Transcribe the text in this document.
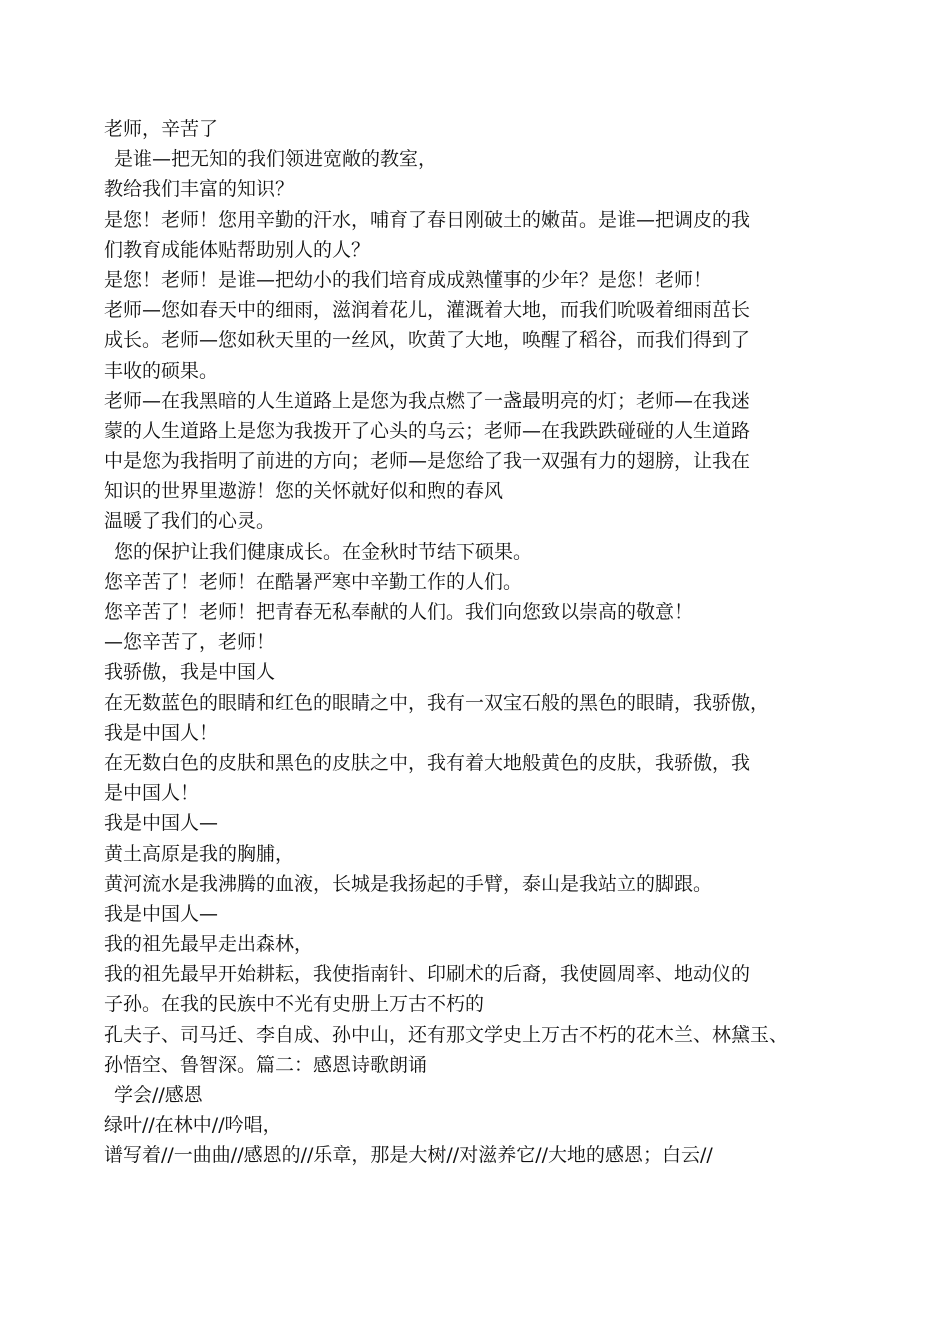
老师，辛苦了
是谁—把无知的我们领进宽敞的教室，
教给我们丰富的知识？
是您！老师！您用辛勤的汗水，哺育了春日刚破土的嫩苗。是谁—把调皮的我
们教育成能体贴帮助别人的人？
是您！老师！是谁—把幼小的我们培育成成熟懂事的少年？是您！老师！
老师—您如春天中的细雨，滋润着花儿，灌溉着大地，而我们吮吸着细雨茁长
成长。老师—您如秋天里的一丝风，吹黄了大地，唤醒了稻谷，而我们得到了
丰收的硕果。
老师—在我黑暗的人生道路上是您为我点燃了一盏最明亮的灯；老师—在我迷
蒙的人生道路上是您为我拨开了心头的乌云；老师—在我跌跌碰碰的人生道路
中是您为我指明了前进的方向；老师—是您给了我一双强有力的翅膀，让我在
知识的世界里遨游！您的关怀就好似和煦的春风
温暖了我们的心灵。
您的保护让我们健康成长。在金秋时节结下硕果。
您辛苦了！老师！在酷暑严寒中辛勤工作的人们。
您辛苦了！老师！把青春无私奉献的人们。我们向您致以崇高的敬意！
—您辛苦了，老师！
我骄傲，我是中国人
在无数蓝色的眼睛和红色的眼睛之中，我有一双宝石般的黑色的眼睛，我骄傲，
我是中国人！
在无数白色的皮肤和黑色的皮肤之中，我有着大地般黄色的皮肤，我骄傲，我
是中国人！
我是中国人—
黄土高原是我的胸脯，
黄河流水是我沸腾的血液，长城是我扬起的手臂，泰山是我站立的脚跟。
我是中国人—
我的祖先最早走出森林，
我的祖先最早开始耕耘，我使指南针、印刷术的后裔，我使圆周率、地动仪的
子孙。在我的民族中不光有史册上万古不朽的
孔夫子、司马迁、李自成、孙中山，还有那文学史上万古不朽的花木兰、林黛玉、
孙悟空、鲁智深。篇二：感恩诗歌朗诵
学会//感恩
绿叶//在林中//吟唱，
谱写着//一曲曲//感恩的//乐章，那是大树//对滋养它//大地的感恩；白云//
